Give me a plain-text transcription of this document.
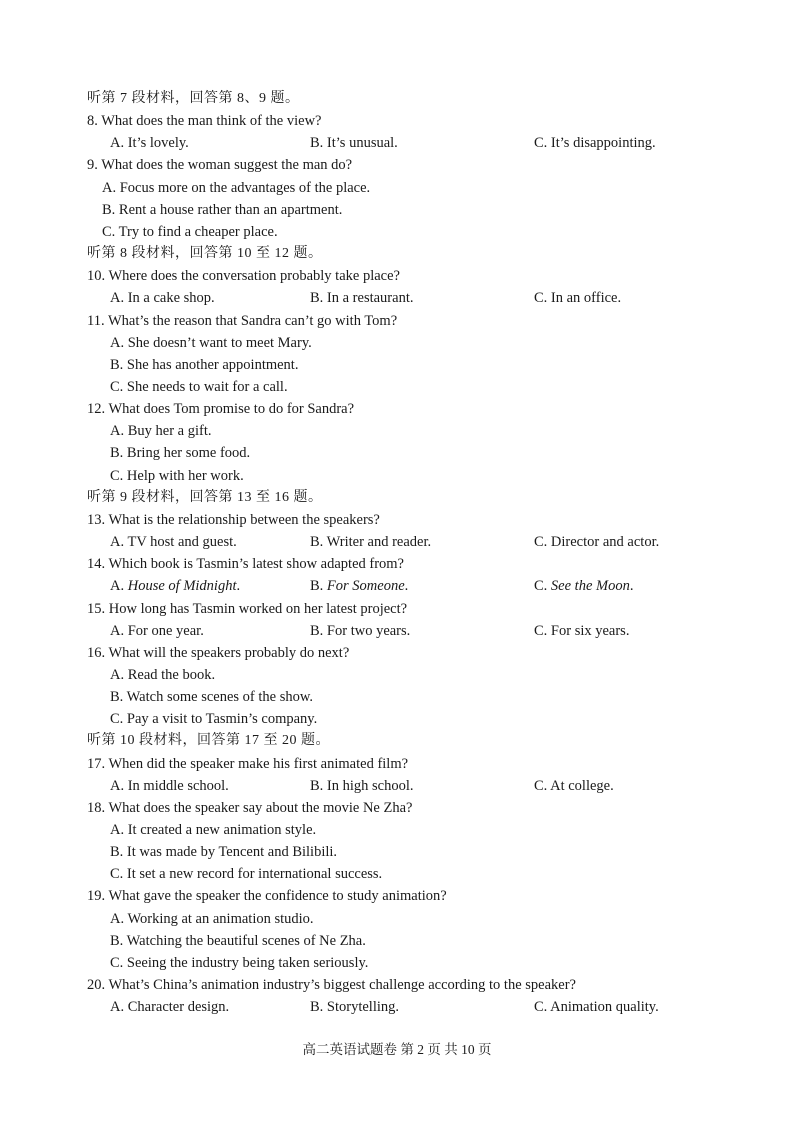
听第 7 段材料，回答第 8、9 题。
8. What does the man think of the view?
A. It’s lovely.	B. It’s unusual.	C. It’s disappointing.
9. What does the woman suggest the man do?
A. Focus more on the advantages of the place.
B. Rent a house rather than an apartment.
C. Try to find a cheaper place.
听第 8 段材料，回答第 10 至 12 题。
10. Where does the conversation probably take place?
A. In a cake shop.	B. In a restaurant.	C. In an office.
11. What’s the reason that Sandra can’t go with Tom?
A. She doesn’t want to meet Mary.
B. She has another appointment.
C. She needs to wait for a call.
12. What does Tom promise to do for Sandra?
A. Buy her a gift.
B. Bring her some food.
C. Help with her work.
听第 9 段材料，回答第 13 至 16 题。
13. What is the relationship between the speakers?
A. TV host and guest.	B. Writer and reader.	C. Director and actor.
14. Which book is Tasmin’s latest show adapted from?
A. House of Midnight.	B. For Someone.	C. See the Moon.
15. How long has Tasmin worked on her latest project?
A. For one year.	B. For two years.	C. For six years.
16. What will the speakers probably do next?
A. Read the book.
B. Watch some scenes of the show.
C. Pay a visit to Tasmin’s company.
听第 10 段材料，回答第 17 至 20 题。
17. When did the speaker make his first animated film?
A. In middle school.	B. In high school.	C. At college.
18. What does the speaker say about the movie Ne Zha?
A. It created a new animation style.
B. It was made by Tencent and Bilibili.
C. It set a new record for international success.
19. What gave the speaker the confidence to study animation?
A. Working at an animation studio.
B. Watching the beautiful scenes of Ne Zha.
C. Seeing the industry being taken seriously.
20. What’s China’s animation industry’s biggest challenge according to the speaker?
A. Character design.	B. Storytelling.	C. Animation quality.
高二英语试题卷 第 2 页 共 10 页
